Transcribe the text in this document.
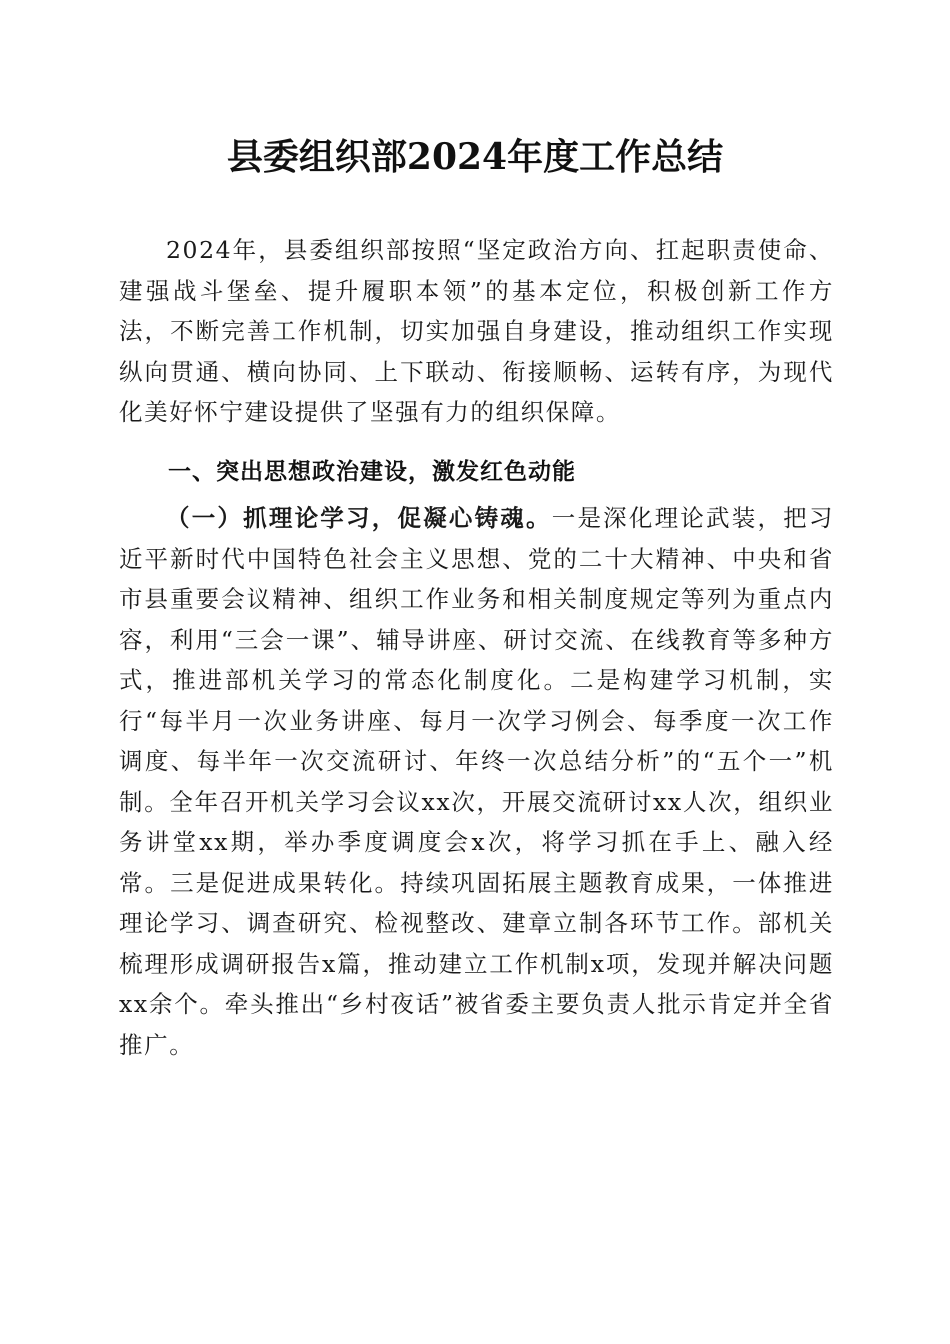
县委组织部2024年度工作总结

2024年，县委组织部按照“坚定政治方向、扛起职责使命、建强战斗堡垒、提升履职本领”的基本定位，积极创新工作方法，不断完善工作机制，切实加强自身建设，推动组织工作实现纵向贯通、横向协同、上下联动、衔接顺畅、运转有序，为现代化美好怀宁建设提供了坚强有力的组织保障。

一、突出思想政治建设，激发红色动能

（一）抓理论学习，促凝心铸魂。一是深化理论武装，把习近平新时代中国特色社会主义思想、党的二十大精神、中央和省市县重要会议精神、组织工作业务和相关制度规定等列为重点内容，利用“三会一课”、辅导讲座、研讨交流、在线教育等多种方式，推进部机关学习的常态化制度化。二是构建学习机制，实行“每半月一次业务讲座、每月一次学习例会、每季度一次工作调度、每半年一次交流研讨、年终一次总结分析”的“五个一”机制。全年召开机关学习会议xx次，开展交流研讨xx人次，组织业务讲堂xx期，举办季度调度会x次，将学习抓在手上、融入经常。三是促进成果转化。持续巩固拓展主题教育成果，一体推进理论学习、调查研究、检视整改、建章立制各环节工作。部机关梳理形成调研报告x篇，推动建立工作机制x项，发现并解决问题xx余个。牵头推出“乡村夜话”被省委主要负责人批示肯定并全省推广。
